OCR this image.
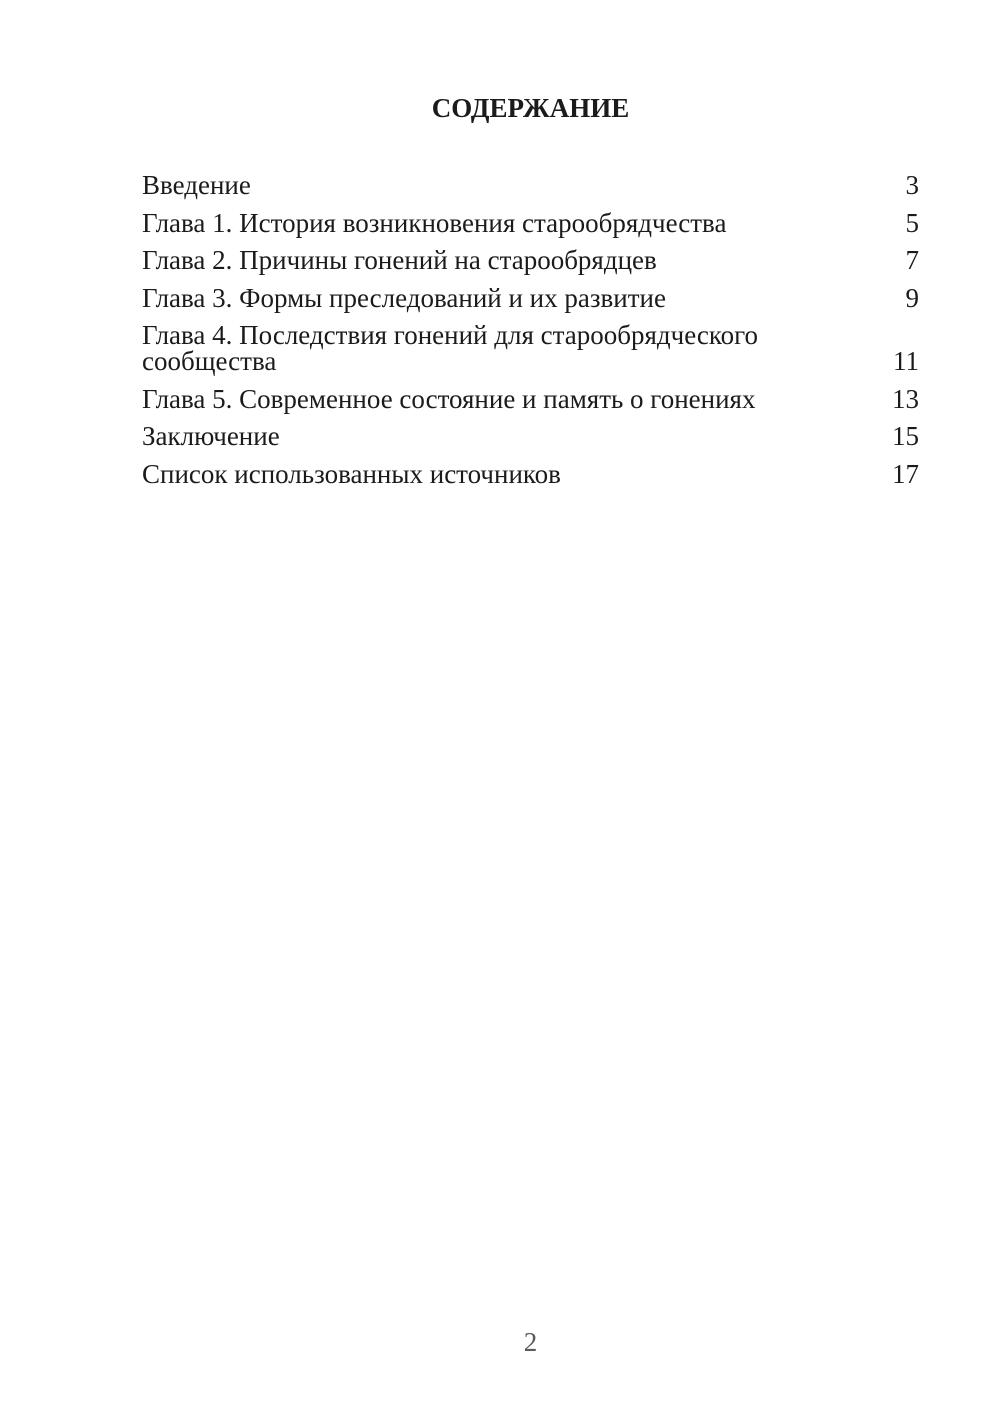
СОДЕРЖАНИЕ
Введение	3
Глава 1. История возникновения старообрядчества	5
Глава 2. Причины гонений на старообрядцев	7
Глава 3. Формы преследований и их развитие	9
Глава 4. Последствия гонений для старообрядческого сообщества	11
Глава 5. Современное состояние и память о гонениях	13
Заключение	15
Список использованных источников	17
2
